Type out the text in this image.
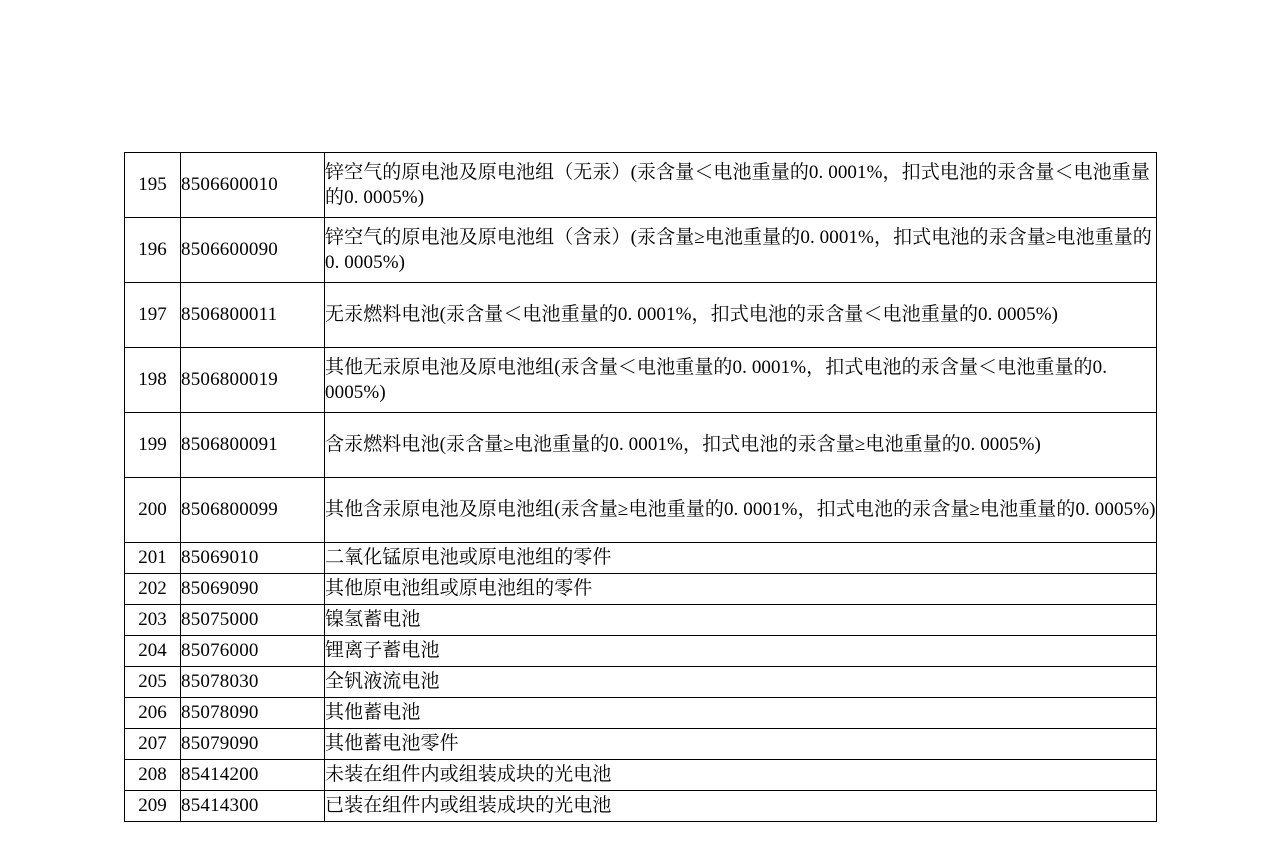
195	8506600010	锌空气的原电池及原电池组（无汞）(汞含量＜电池重量的0. 0001%，扣式电池的汞含量＜电池重量的0. 0005%)
196	8506600090	锌空气的原电池及原电池组（含汞）(汞含量≥电池重量的0. 0001%，扣式电池的汞含量≥电池重量的0. 0005%)
197	8506800011	无汞燃料电池(汞含量＜电池重量的0. 0001%，扣式电池的汞含量＜电池重量的0. 0005%)
198	8506800019	其他无汞原电池及原电池组(汞含量＜电池重量的0. 0001%，扣式电池的汞含量＜电池重量的0. 0005%)
199	8506800091	含汞燃料电池(汞含量≥电池重量的0. 0001%，扣式电池的汞含量≥电池重量的0. 0005%)
200	8506800099	其他含汞原电池及原电池组(汞含量≥电池重量的0. 0001%，扣式电池的汞含量≥电池重量的0. 0005%)
201	85069010	二氧化锰原电池或原电池组的零件
202	85069090	其他原电池组或原电池组的零件
203	85075000	镍氢蓄电池
204	85076000	锂离子蓄电池
205	85078030	全钒液流电池
206	85078090	其他蓄电池
207	85079090	其他蓄电池零件
208	85414200	未装在组件内或组装成块的光电池
209	85414300	已装在组件内或组装成块的光电池
